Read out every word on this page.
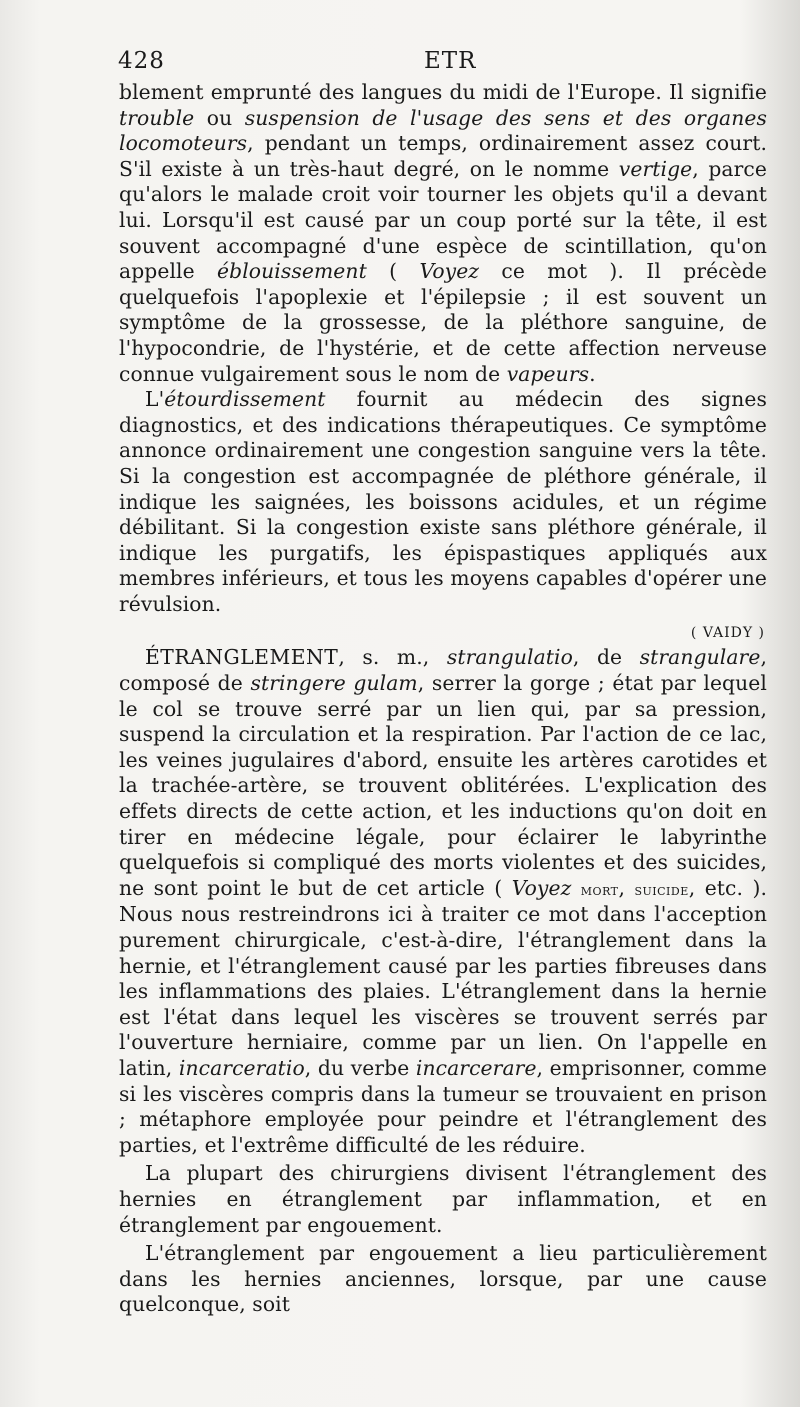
428	ETR

blement emprunté des langues du midi de l'Europe. Il signifie trouble ou suspension de l'usage des sens et des organes locomoteurs, pendant un temps, ordinairement assez court. S'il existe à un très-haut degré, on le nomme vertige, parce qu'alors le malade croit voir tourner les objets qu'il a devant lui. Lorsqu'il est causé par un coup porté sur la tête, il est souvent accompagné d'une espèce de scintillation, qu'on appelle éblouissement ( Voyez ce mot ). Il précède quelquefois l'apoplexie et l'épilepsie ; il est souvent un symptôme de la grossesse, de la pléthore sanguine, de l'hypocondrie, de l'hystérie, et de cette affection nerveuse connue vulgairement sous le nom de vapeurs.

L'étourdissement fournit au médecin des signes diagnostics, et des indications thérapeutiques. Ce symptôme annonce ordinairement une congestion sanguine vers la tête. Si la congestion est accompagnée de pléthore générale, il indique les saignées, les boissons acidules, et un régime débilitant. Si la congestion existe sans pléthore générale, il indique les purgatifs, les épispastiques appliqués aux membres inférieurs, et tous les moyens capables d'opérer une révulsion.

( VAIDY )

ÉTRANGLEMENT, s. m., strangulatio, de strangulare, composé de stringere gulam, serrer la gorge ; état par lequel le col se trouve serré par un lien qui, par sa pression, suspend la circulation et la respiration. Par l'action de ce lac, les veines jugulaires d'abord, ensuite les artères carotides et la trachée-artère, se trouvent oblitérées. L'explication des effets directs de cette action, et les inductions qu'on doit en tirer en médecine légale, pour éclairer le labyrinthe quelquefois si compliqué des morts violentes et des suicides, ne sont point le but de cet article ( Voyez mort, suicide, etc. ). Nous nous restreindrons ici à traiter ce mot dans l'acception purement chirurgicale, c'est-à-dire, l'étranglement dans la hernie, et l'étranglement causé par les parties fibreuses dans les inflammations des plaies. L'étranglement dans la hernie est l'état dans lequel les viscères se trouvent serrés par l'ouverture herniaire, comme par un lien. On l'appelle en latin, incarceratio, du verbe incarcerare, emprisonner, comme si les viscères compris dans la tumeur se trouvaient en prison ; métaphore employée pour peindre et l'étranglement des parties, et l'extrême difficulté de les réduire.

La plupart des chirurgiens divisent l'étranglement des hernies en étranglement par inflammation, et en étranglement par engouement.

L'étranglement par engouement a lieu particulièrement dans les hernies anciennes, lorsque, par une cause quelconque, soit
